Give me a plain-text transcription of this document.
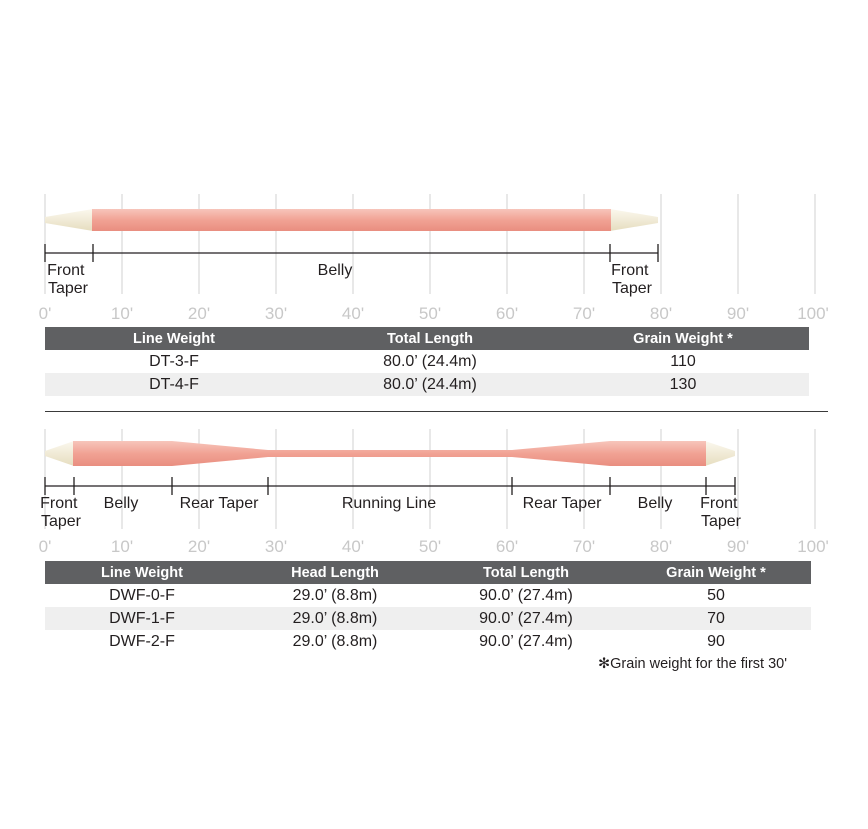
Front Taper
Belly	Front Taper
0'	10'	20'	30'	40'	50'	60'	70'	80'	90'	100'
Line Weight	Total Length	Grain Weight *
DT-3-F	80.0’ (24.4m)	110
DT-4-F	80.0’ (24.4m)	130
Front Taper
Belly	Rear Taper	Running Line	Rear Taper Belly Front Taper
0'	10'	20'	30'	40'	50'	60'	70'	80'	90'	100'
Line Weight	Head Length	Total Length	Grain Weight *
DWF-0-F	29.0’ (8.8m)	90.0’ (27.4m)	50
DWF-1-F	29.0’ (8.8m)	90.0’ (27.4m)	70
DWF-2-F	29.0’ (8.8m)	90.0’ (27.4m)	90
✻Grain weight for the first 30'
